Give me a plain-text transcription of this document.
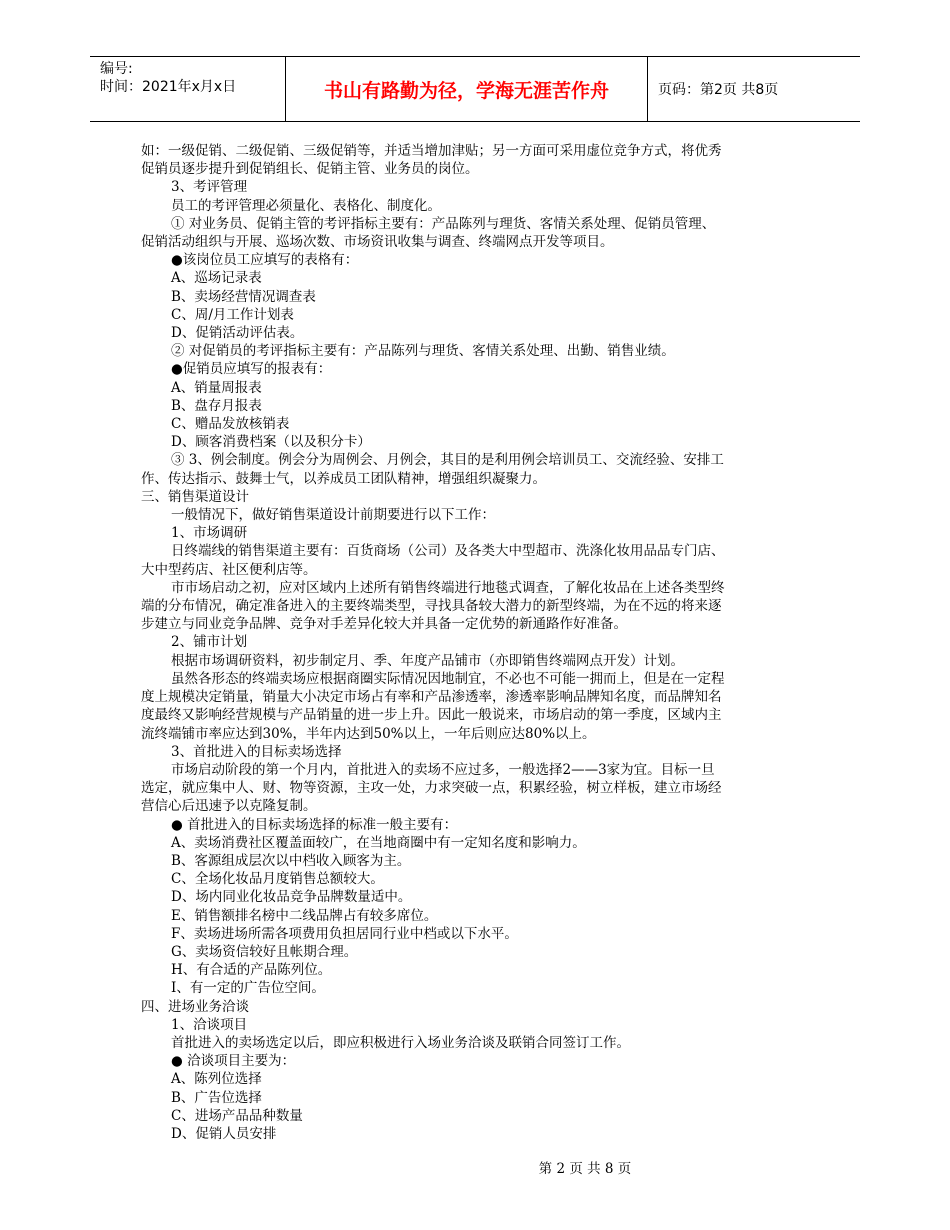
编号:
时间：2021年x月x日	书山有路勤为径，学海无涯苦作舟	页码：第2页 共8页
如：一级促销、二级促销、三级促销等，并适当增加津贴；另一方面可采用虚位竞争方式，将优秀
促销员逐步提升到促销组长、促销主管、业务员的岗位。
3、考评管理
员工的考评管理必须量化、表格化、制度化。
① 对业务员、促销主管的考评指标主要有：产品陈列与理货、客情关系处理、促销员管理、
促销活动组织与开展、巡场次数、市场资讯收集与调查、终端网点开发等项目。
●该岗位员工应填写的表格有：
A、巡场记录表
B、卖场经营情况调查表
C、周/月工作计划表
D、促销活动评估表。
② 对促销员的考评指标主要有：产品陈列与理货、客情关系处理、出勤、销售业绩。
●促销员应填写的报表有：
A、销量周报表
B、盘存月报表
C、赠品发放核销表
D、顾客消费档案（以及积分卡）
③ 3、例会制度。例会分为周例会、月例会，其目的是利用例会培训员工、交流经验、安排工
作、传达指示、鼓舞士气，以养成员工团队精神，增强组织凝聚力。
三、销售渠道设计
一般情况下，做好销售渠道设计前期要进行以下工作：
1、市场调研
日终端线的销售渠道主要有：百货商场（公司）及各类大中型超市、洗涤化妆用品品专门店、
大中型药店、社区便利店等。
市市场启动之初，应对区域内上述所有销售终端进行地毯式调查，了解化妆品在上述各类型终
端的分布情况，确定准备进入的主要终端类型，寻找具备较大潜力的新型终端，为在不远的将来逐
步建立与同业竞争品牌、竞争对手差异化较大并具备一定优势的新通路作好准备。
2、铺市计划
根据市场调研资料，初步制定月、季、年度产品铺市（亦即销售终端网点开发）计划。
虽然各形态的终端卖场应根据商圈实际情况因地制宜，不必也不可能一拥而上，但是在一定程
度上规模决定销量，销量大小决定市场占有率和产品渗透率，渗透率影响品牌知名度，而品牌知名
度最终又影响经营规模与产品销量的进一步上升。因此一般说来，市场启动的第一季度，区域内主
流终端铺市率应达到30%，半年内达到50%以上，一年后则应达80%以上。
3、首批进入的目标卖场选择
市场启动阶段的第一个月内，首批进入的卖场不应过多，一般选择2——3家为宜。目标一旦
选定，就应集中人、财、物等资源，主攻一处，力求突破一点，积累经验，树立样板，建立市场经
营信心后迅速予以克隆复制。
● 首批进入的目标卖场选择的标准一般主要有：
A、卖场消费社区覆盖面较广，在当地商圈中有一定知名度和影响力。
B、客源组成层次以中档收入顾客为主。
C、全场化妆品月度销售总额较大。
D、场内同业化妆品竞争品牌数量适中。
E、销售额排名榜中二线品牌占有较多席位。
F、卖场进场所需各项费用负担居同行业中档或以下水平。
G、卖场资信较好且帐期合理。
H、有合适的产品陈列位。
I、有一定的广告位空间。
四、进场业务洽谈
1、洽谈项目
首批进入的卖场选定以后，即应积极进行入场业务洽谈及联销合同签订工作。
● 洽谈项目主要为：
A、陈列位选择
B、广告位选择
C、进场产品品种数量
D、促销人员安排
第 2 页 共 8 页
